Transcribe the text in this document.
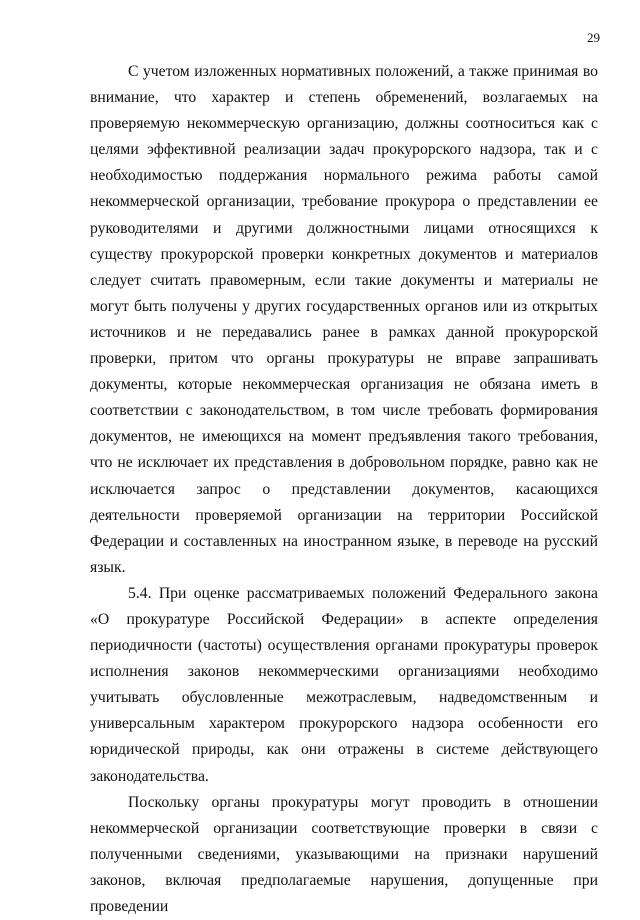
29

С учетом изложенных нормативных положений, а также принимая во внимание, что характер и степень обременений, возлагаемых на проверяемую некоммерческую организацию, должны соотноситься как с целями эффективной реализации задач прокурорского надзора, так и с необходимостью поддержания нормального режима работы самой некоммерческой организации, требование прокурора о представлении ее руководителями и другими должностными лицами относящихся к существу прокурорской проверки конкретных документов и материалов следует считать правомерным, если такие документы и материалы не могут быть получены у других государственных органов или из открытых источников и не передавались ранее в рамках данной прокурорской проверки, притом что органы прокуратуры не вправе запрашивать документы, которые некоммерческая организация не обязана иметь в соответствии с законодательством, в том числе требовать формирования документов, не имеющихся на момент предъявления такого требования, что не исключает их представления в добровольном порядке, равно как не исключается запрос о представлении документов, касающихся деятельности проверяемой организации на территории Российской Федерации и составленных на иностранном языке, в переводе на русский язык.

5.4. При оценке рассматриваемых положений Федерального закона «О прокуратуре Российской Федерации» в аспекте определения периодичности (частоты) осуществления органами прокуратуры проверок исполнения законов некоммерческими организациями необходимо учитывать обусловленные межотраслевым, надведомственным и универсальным характером прокурорского надзора особенности его юридической природы, как они отражены в системе действующего законодательства.

Поскольку органы прокуратуры могут проводить в отношении некоммерческой организации соответствующие проверки в связи с полученными сведениями, указывающими на признаки нарушений законов, включая предполагаемые нарушения, допущенные при проведении
